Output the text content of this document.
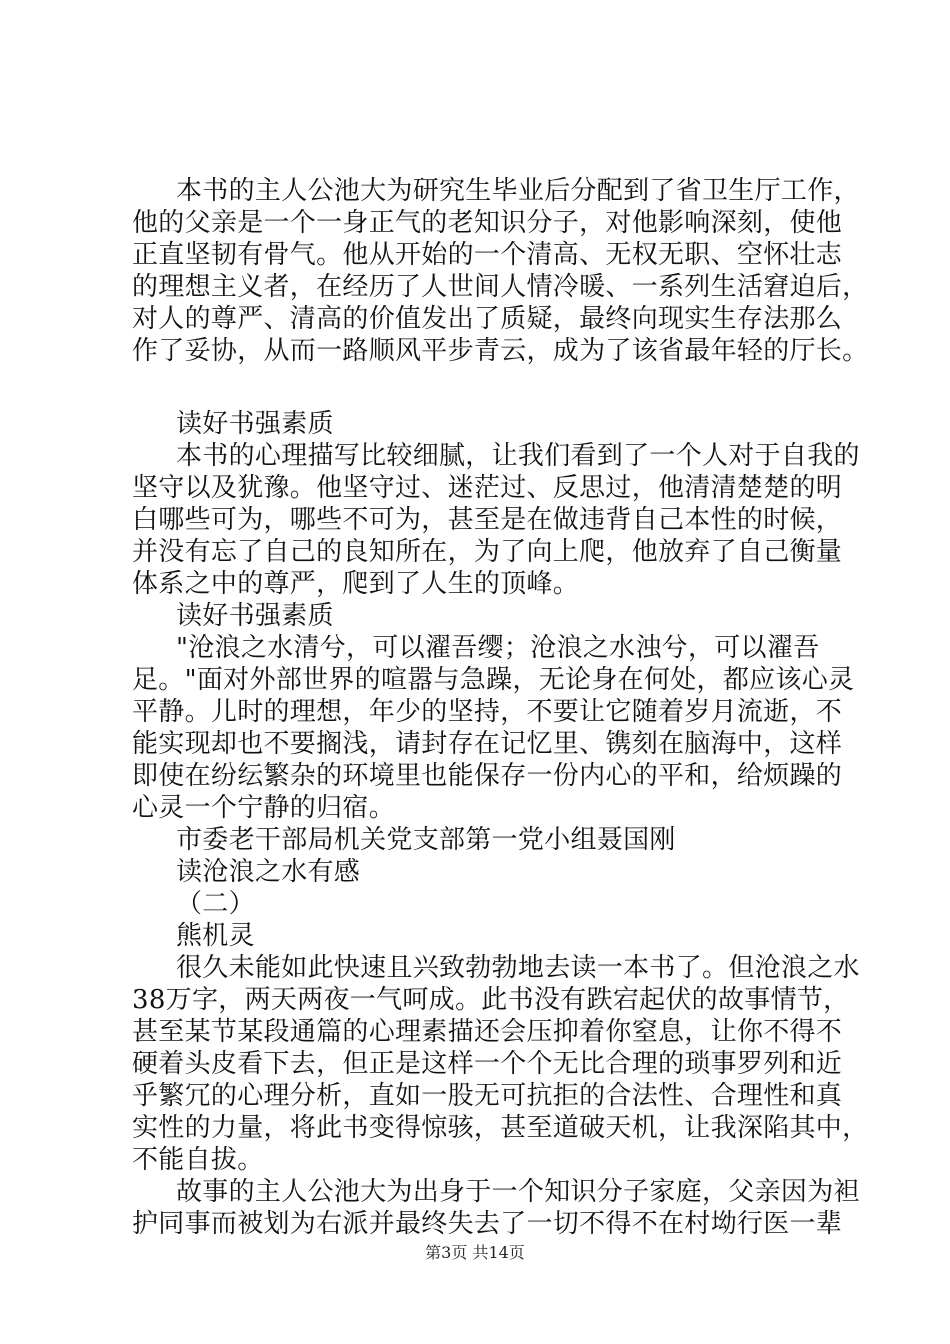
本书的主人公池大为研究生毕业后分配到了省卫生厅工作，
他的父亲是一个一身正气的老知识分子，对他影响深刻，使他
正直坚韧有骨气。他从开始的一个清高、无权无职、空怀壮志
的理想主义者，在经历了人世间人情冷暖、一系列生活窘迫后，
对人的尊严、清高的价值发出了质疑，最终向现实生存法那么
作了妥协，从而一路顺风平步青云，成为了该省最年轻的厅长。
读好书强素质
本书的心理描写比较细腻，让我们看到了一个人对于自我的
坚守以及犹豫。他坚守过、迷茫过、反思过，他清清楚楚的明
白哪些可为，哪些不可为，甚至是在做违背自己本性的时候，
并没有忘了自己的良知所在，为了向上爬，他放弃了自己衡量
体系之中的尊严，爬到了人生的顶峰。
读好书强素质
"沧浪之水清兮，可以濯吾缨；沧浪之水浊兮，可以濯吾
足。"面对外部世界的喧嚣与急躁，无论身在何处，都应该心灵
平静。儿时的理想，年少的坚持，不要让它随着岁月流逝，不
能实现却也不要搁浅，请封存在记忆里、镌刻在脑海中，这样
即使在纷纭繁杂的环境里也能保存一份内心的平和，给烦躁的
心灵一个宁静的归宿。
市委老干部局机关党支部第一党小组聂国刚
读沧浪之水有感
（二）
熊机灵
很久未能如此快速且兴致勃勃地去读一本书了。但沧浪之水
38万字，两天两夜一气呵成。此书没有跌宕起伏的故事情节，
甚至某节某段通篇的心理素描还会压抑着你窒息，让你不得不
硬着头皮看下去，但正是这样一个个无比合理的琐事罗列和近
乎繁冗的心理分析，直如一股无可抗拒的合法性、合理性和真
实性的力量，将此书变得惊骇，甚至道破天机，让我深陷其中，
不能自拔。
故事的主人公池大为出身于一个知识分子家庭，父亲因为袒
护同事而被划为右派并最终失去了一切不得不在村坳行医一辈
第3页 共14页
